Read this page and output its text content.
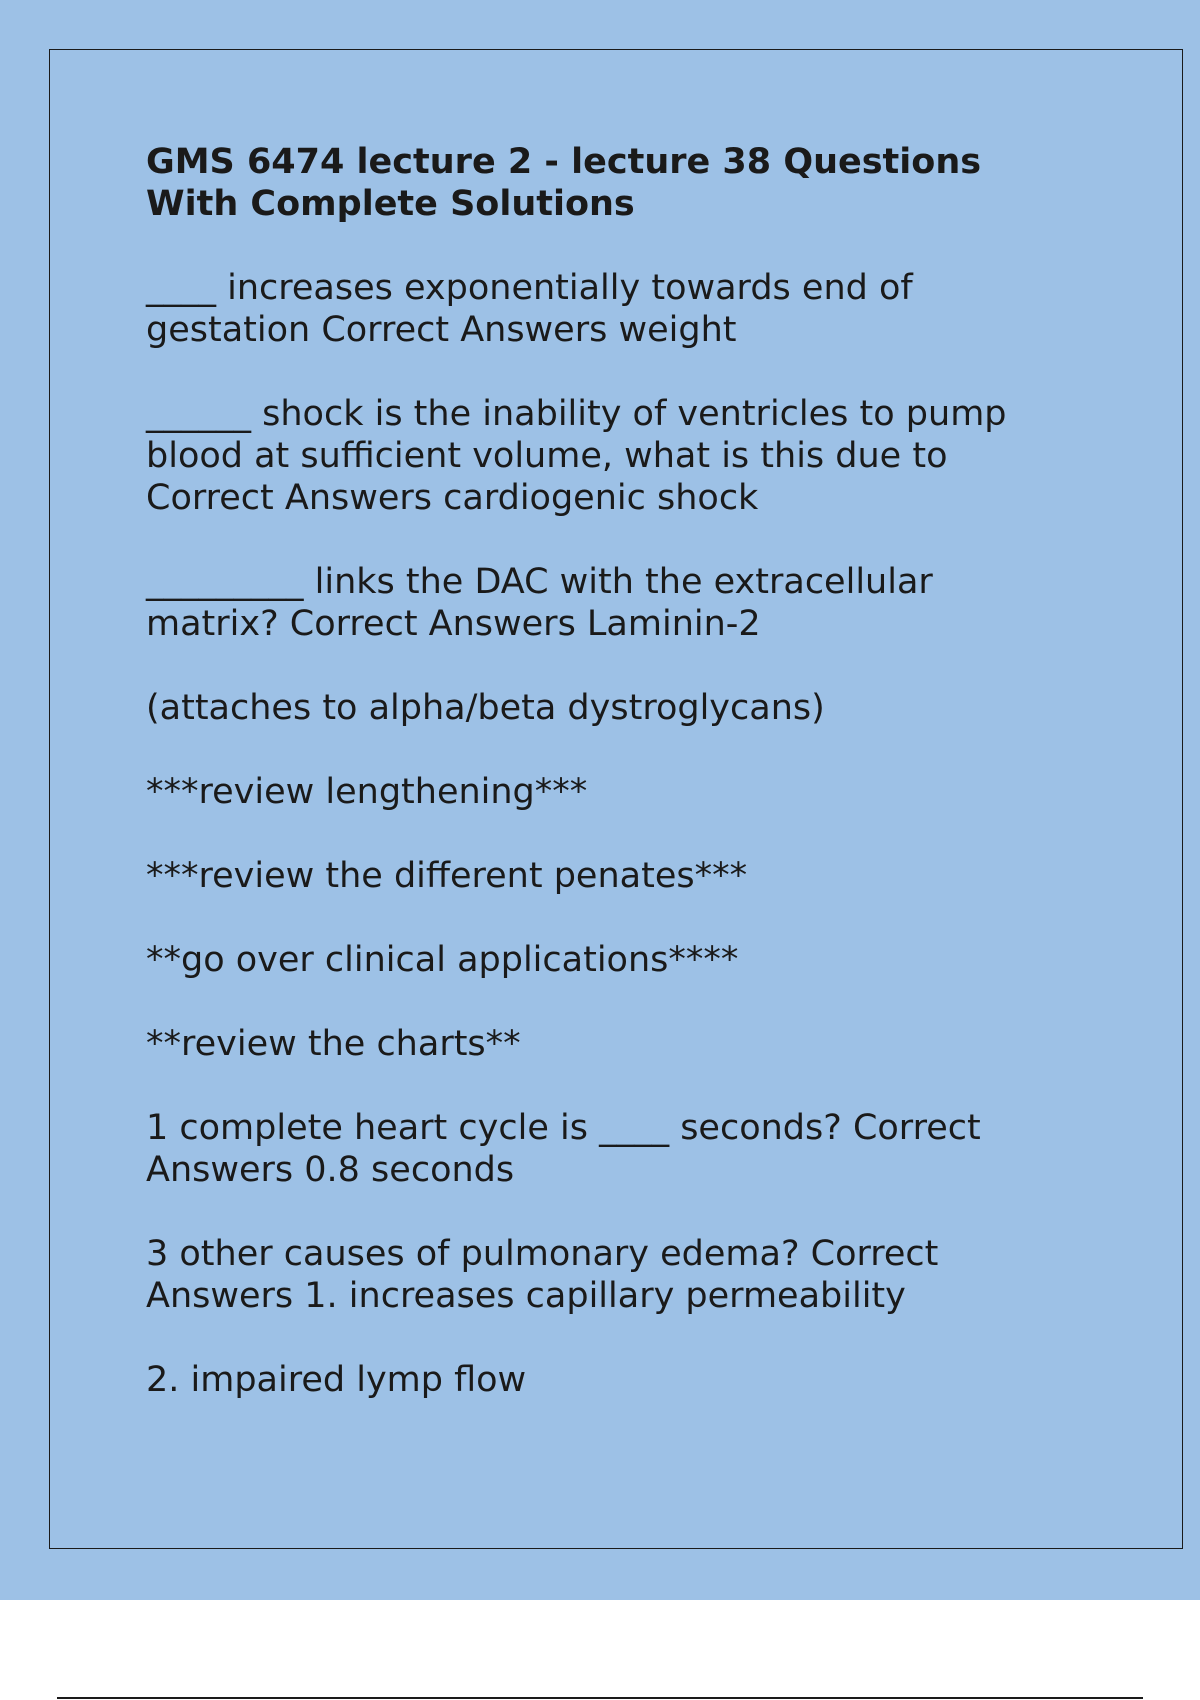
GMS 6474 lecture 2 - lecture 38 Questions
With Complete Solutions

____ increases exponentially towards end of
gestation Correct Answers weight

______ shock is the inability of ventricles to pump
blood at sufficient volume, what is this due to
Correct Answers cardiogenic shock

_________ links the DAC with the extracellular
matrix? Correct Answers Laminin-2

(attaches to alpha/beta dystroglycans)

***review lengthening***

***review the different penates***

**go over clinical applications****

**review the charts**

1 complete heart cycle is ____ seconds? Correct
Answers 0.8 seconds

3 other causes of pulmonary edema? Correct
Answers 1. increases capillary permeability

2. impaired lymp flow
